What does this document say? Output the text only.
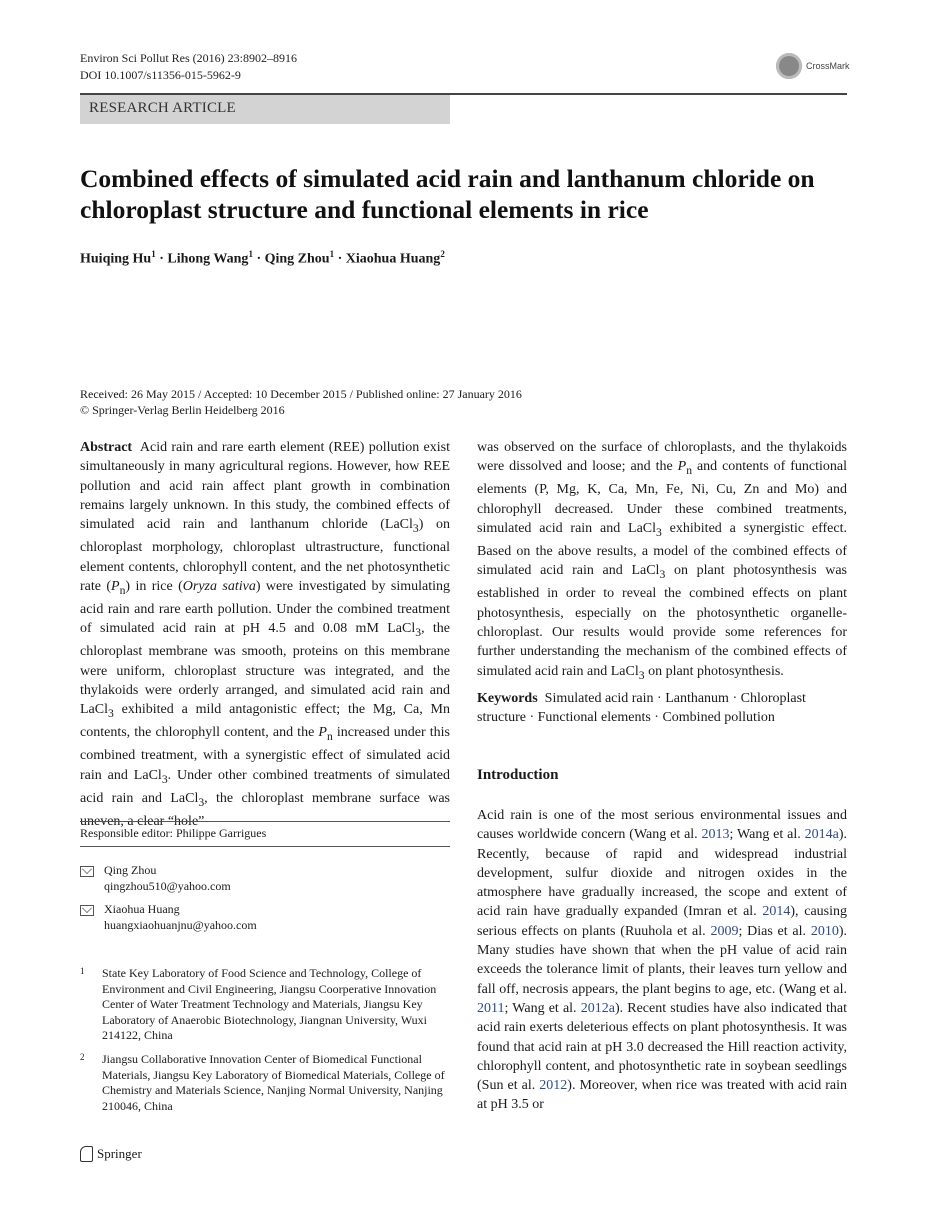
Environ Sci Pollut Res (2016) 23:8902–8916
DOI 10.1007/s11356-015-5962-9
CrossMark
RESEARCH ARTICLE
Combined effects of simulated acid rain and lanthanum chloride on chloroplast structure and functional elements in rice
Huiqing $Hu^1$ · Lihong Wang$^1$ · Qing Zhou$^1$ · Xiaohua Huang$^2$
Received: 26 May 2015 / Accepted: 10 December 2015 / Published online: 27 January 2016
© Springer-Verlag Berlin Heidelberg 2016

Abstract Acid rain and rare earth element (REE) pollution exist simultaneously in many agricultural regions. However, how REE pollution and acid rain affect plant growth in combination remains largely unknown. In this study, the combined effects of simulated acid rain and lanthanum chloride (LaCl$_3$) on chloroplast morphology, chloroplast ultrastructure, functional element contents, chlorophyll content, and the net photosynthetic rate $(P_n)$ in rice (Oryza sativa) were investigated by simulating acid rain and rare earth pollution. Under the combined treatment of simulated acid rain at pH 4.5 and 0.08 mM LaCl$_3$, the chloroplast membrane was smooth, proteins on this membrane were uniform, chloroplast structure was integrated, and the thylakoids were orderly arranged, and simulated acid rain and LaCl$_3$ exhibited a mild antagonistic effect; the Mg, Ca, Mn contents, the chlorophyll content, and the $P_n$ increased under this combined treatment, with a synergistic effect of simulated acid rain and LaCl$_3$. Under other combined treatments of simulated acid rain and LaCl$_3$, the chloroplast membrane surface was uneven, a clear “hole”

was observed on the surface of chloroplasts, and the thylakoids were dissolved and loose; and the $P_n$ and contents of functional elements (P, Mg, K, Ca, Mn, Fe, Ni, Cu, Zn and Mo) and chlorophyll decreased. Under these combined treatments, simulated acid rain and LaCl$_3$ exhibited a synergistic effect. Based on the above results, a model of the combined effects of simulated acid rain and LaCl$_3$ on plant photosynthesis was established in order to reveal the combined effects on plant photosynthesis, especially on the photosynthetic organelle-chloroplast. Our results would provide some references for further understanding the mechanism of the combined effects of simulated acid rain and LaCl$_3$ on plant photosynthesis.

Keywords Simulated acid rain · Lanthanum · Chloroplast structure · Functional elements · Combined pollution
Introduction

Acid rain is one of the most serious environmental issues and causes worldwide concern (Wang et al. 2013; Wang et al. 2014a). Recently, because of rapid and widespread industrial development, sulfur dioxide and nitrogen oxides in the atmosphere have gradually increased, the scope and extent of acid rain have gradually expanded (Imran et al. 2014), causing serious effects on plants (Ruuhola et al. 2009; Dias et al. 2010). Many studies have shown that when the pH value of acid rain exceeds the tolerance limit of plants, their leaves turn yellow and fall off, necrosis appears, the plant begins to age, etc. (Wang et al. 2011; Wang et al. 2012a). Recent studies have also indicated that acid rain exerts deleterious effects on plant photosynthesis. It was found that acid rain at pH 3.0 decreased the Hill reaction activity, chlorophyll content, and photosynthetic rate in soybean seedlings (Sun et al. 2012). Moreover, when rice was treated with acid rain at pH 3.5 or

Responsible editor: Philippe Garrigues
Qing Zhou
qingzhou510@yahoo.com
Xiaohua Huang
huangxiaohuanjnu@yahoo.com
1	State Key Laboratory of Food Science and Technology, College of Environment and Civil Engineering, Jiangsu Coorperative Innovation Center of Water Treatment Technology and Materials, Jiangsu Key Laboratory of Anaerobic Biotechnology, Jiangnan University, Wuxi 214122, China
2	Jiangsu Collaborative Innovation Center of Biomedical Functional Materials, Jiangsu Key Laboratory of Biomedical Materials, College of Chemistry and Materials Science, Nanjing Normal University, Nanjing 210046, China
Springer
